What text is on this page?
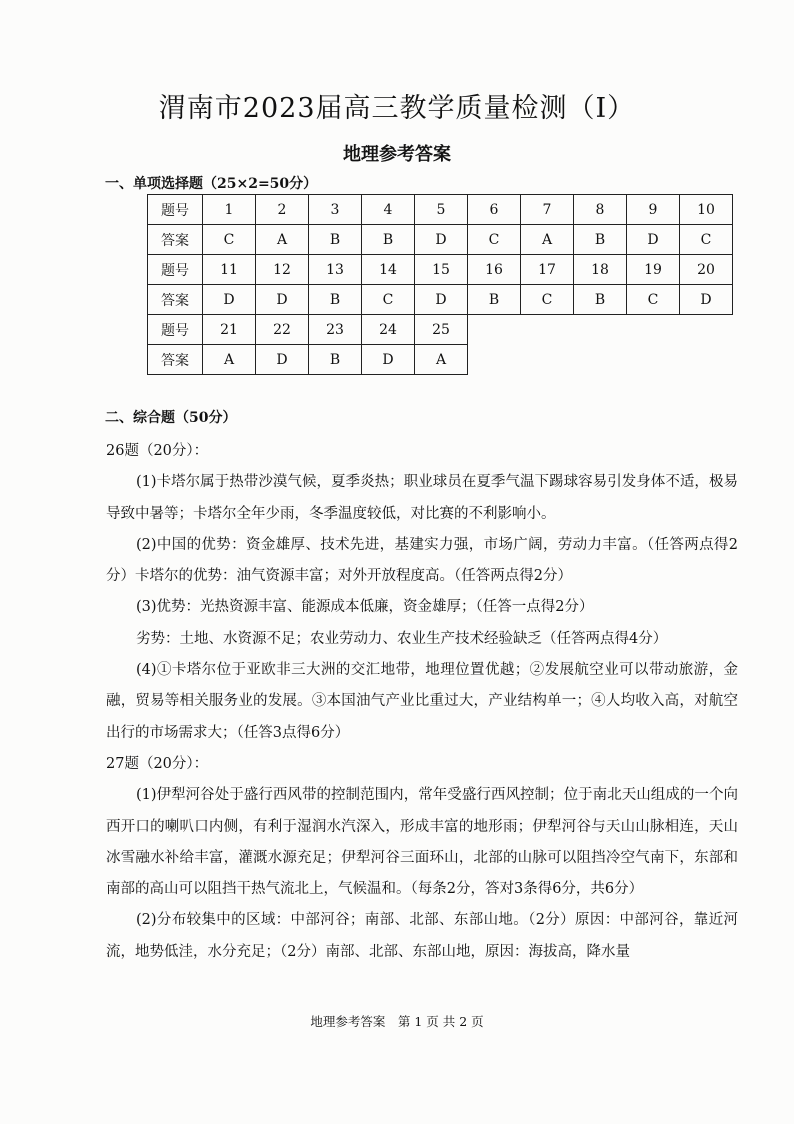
渭南市2023届高三教学质量检测（Ⅰ）
地理参考答案
一、单项选择题（25×2=50分）
题号	1	2	3	4	5	6	7	8	9	10
答案	C	A	B	B	D	C	A	B	D	C
题号	11	12	13	14	15	16	17	18	19	20
答案	D	D	B	C	D	B	C	B	C	D
题号	21	22	23	24	25					
答案	A	D	B	D	A					
二、综合题（50分）

26题（20分）：

(1)卡塔尔属于热带沙漠气候，夏季炎热；职业球员在夏季气温下踢球容易引发身体不适，极易导致中暑等；卡塔尔全年少雨，冬季温度较低，对比赛的不利影响小。

(2)中国的优势：资金雄厚、技术先进，基建实力强，市场广阔，劳动力丰富。（任答两点得2分）卡塔尔的优势：油气资源丰富；对外开放程度高。（任答两点得2分）

(3)优势：光热资源丰富、能源成本低廉，资金雄厚；（任答一点得2分）

劣势：土地、水资源不足；农业劳动力、农业生产技术经验缺乏（任答两点得4分）

(4)①卡塔尔位于亚欧非三大洲的交汇地带，地理位置优越；②发展航空业可以带动旅游，金融，贸易等相关服务业的发展。③本国油气产业比重过大，产业结构单一；④人均收入高，对航空出行的市场需求大；（任答3点得6分）

27题（20分）：

(1)伊犁河谷处于盛行西风带的控制范围内，常年受盛行西风控制；位于南北天山组成的一个向西开口的喇叭口内侧，有利于湿润水汽深入，形成丰富的地形雨；伊犁河谷与天山山脉相连，天山冰雪融水补给丰富，灌溉水源充足；伊犁河谷三面环山，北部的山脉可以阻挡冷空气南下，东部和南部的高山可以阻挡干热气流北上，气候温和。（每条2分，答对3条得6分，共6分）

(2)分布较集中的区域：中部河谷；南部、北部、东部山地。（2分）原因：中部河谷，靠近河流，地势低洼，水分充足；（2分）南部、北部、东部山地，原因：海拔高，降水量

地理参考答案　第 1 页 共 2 页
